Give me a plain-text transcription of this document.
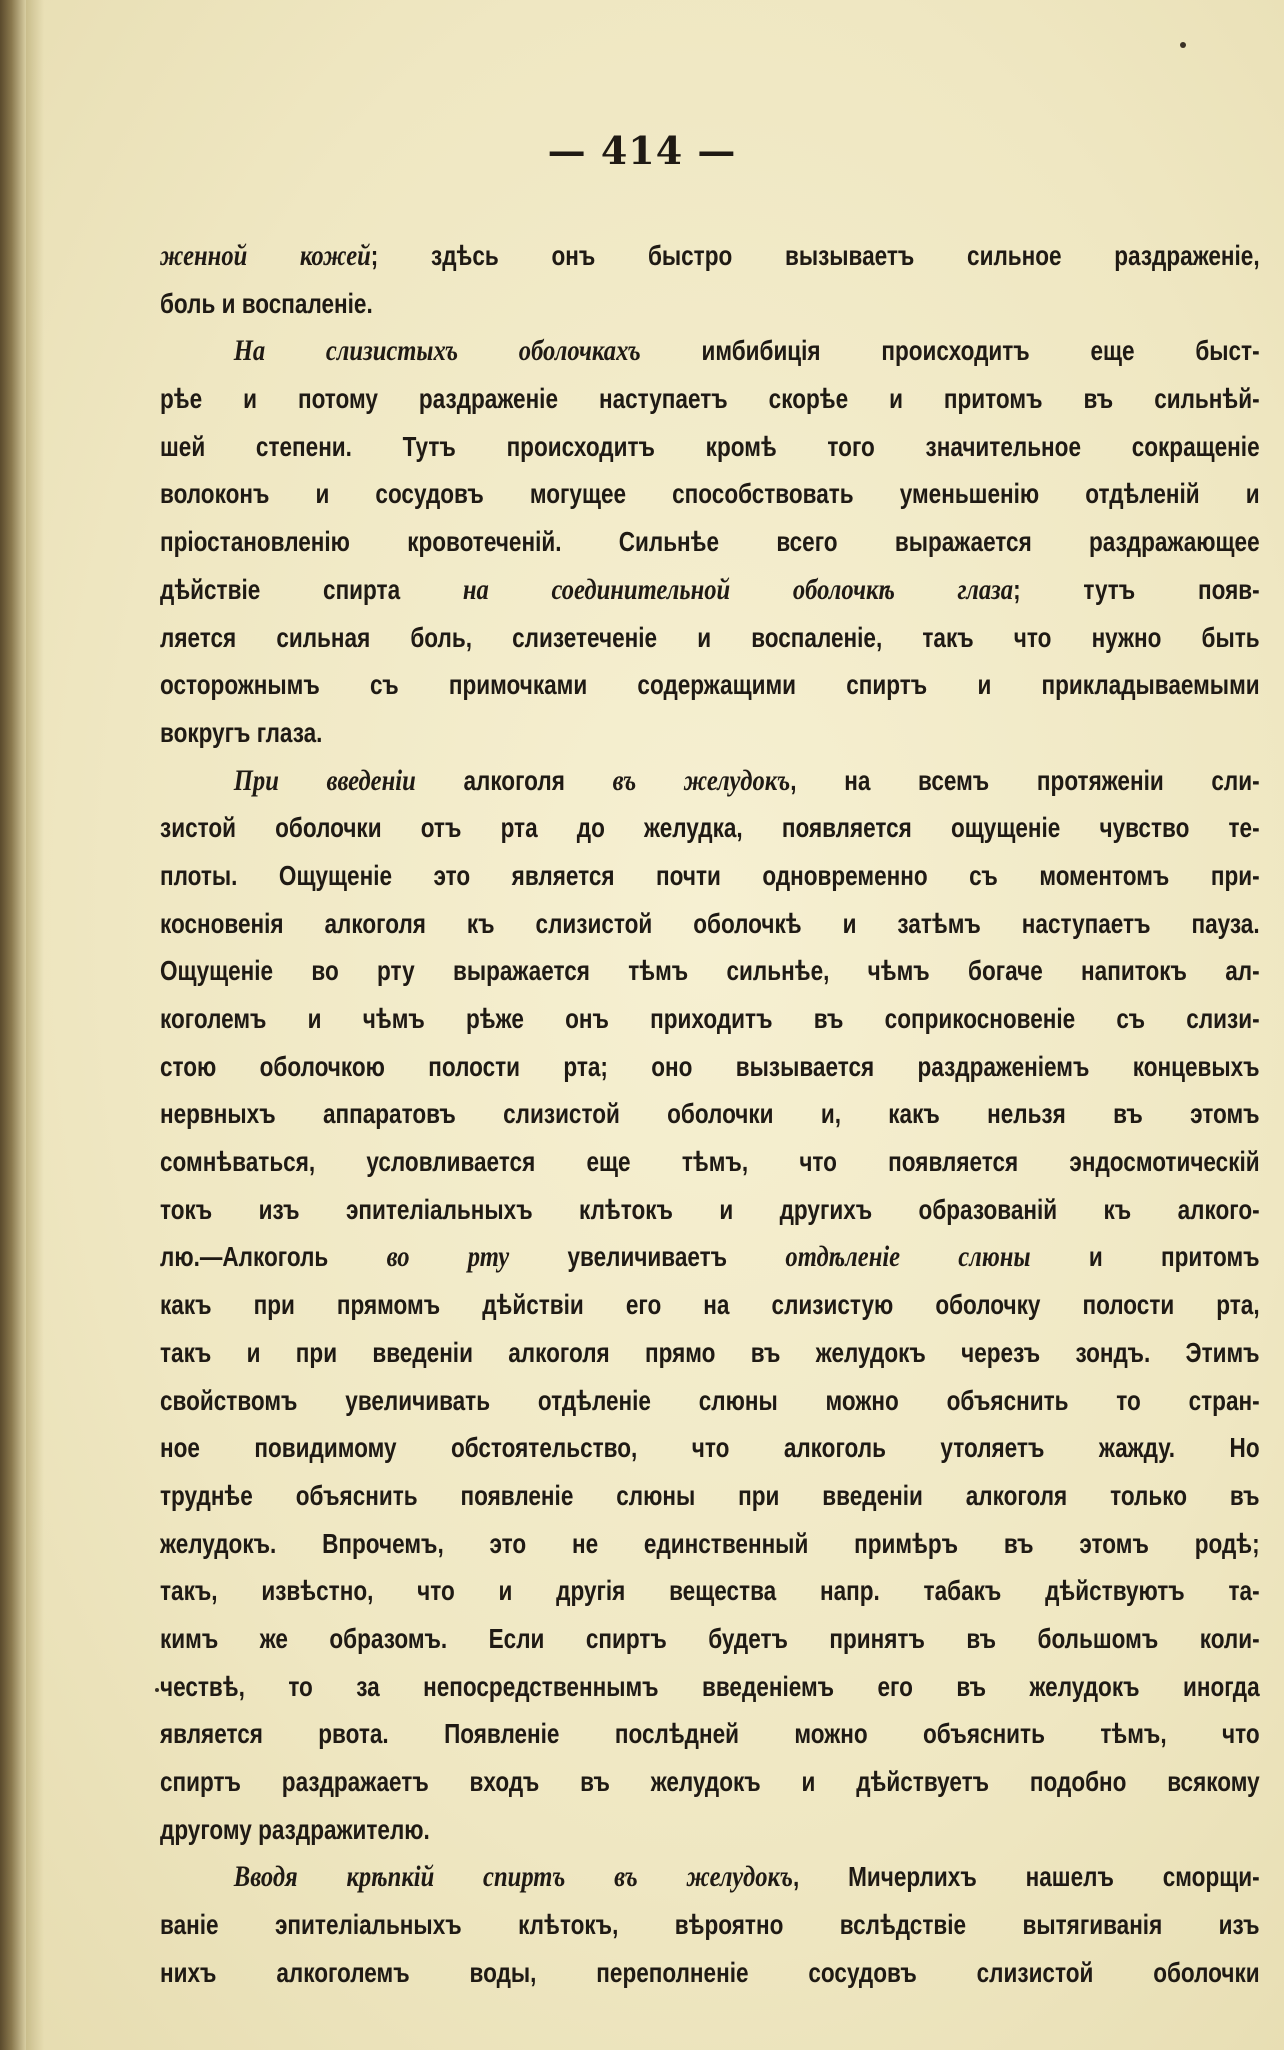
— 414 —
женной кожей; здѣсь онъ быстро вызываетъ сильное раздраженіе,
боль и воспаленіе.
На слизистыхъ оболочкахъ имбибиція происходитъ еще быст-
рѣе и потому раздраженіе наступаетъ скорѣе и притомъ въ сильнѣй-
шей степени. Тутъ происходитъ кромѣ того значительное сокращеніе
волоконъ и сосудовъ могущее способствовать уменьшенію отдѣленій и
пріостановленію кровотеченій. Сильнѣе всего выражается раздражающее
дѣйствіе спирта на соединительной оболочкѣ глаза; тутъ появ-
ляется сильная боль, слизетеченіе и воспаленіе, такъ что нужно быть
осторожнымъ съ примочками содержащими спиртъ и прикладываемыми
вокругъ глаза.
При введеніи алкоголя въ желудокъ, на всемъ протяженіи сли-
зистой оболочки отъ рта до желудка, появляется ощущеніе чувство те-
плоты. Ощущеніе это является почти одновременно съ моментомъ при-
косновенія алкоголя къ слизистой оболочкѣ и затѣмъ наступаетъ пауза.
Ощущеніе во рту выражается тѣмъ сильнѣе, чѣмъ богаче напитокъ ал-
коголемъ и чѣмъ рѣже онъ приходитъ въ соприкосновеніе съ слизи-
стою оболочкою полости рта; оно вызывается раздраженіемъ концевыхъ
нервныхъ аппаратовъ слизистой оболочки и, какъ нельзя въ этомъ
сомнѣваться, условливается еще тѣмъ, что появляется эндосмотическій
токъ изъ эпителіальныхъ клѣтокъ и другихъ образованій къ алкого-
лю.—Алкоголь во рту увеличиваетъ отдѣленіе слюны и притомъ
какъ при прямомъ дѣйствіи его на слизистую оболочку полости рта,
такъ и при введеніи алкоголя прямо въ желудокъ черезъ зондъ. Этимъ
свойствомъ увеличивать отдѣленіе слюны можно объяснить то стран-
ное повидимому обстоятельство, что алкоголь утоляетъ жажду. Но
труднѣе объяснить появленіе слюны при введеніи алкоголя только въ
желудокъ. Впрочемъ, это не единственный примѣръ въ этомъ родѣ;
такъ, извѣстно, что и другія вещества напр. табакъ дѣйствуютъ та-
кимъ же образомъ. Если спиртъ будетъ принятъ въ большомъ коли-
чествѣ, то за непосредственнымъ введеніемъ его въ желудокъ иногда
является рвота. Появленіе послѣдней можно объяснить тѣмъ, что
спиртъ раздражаетъ входъ въ желудокъ и дѣйствуетъ подобно всякому
другому раздражителю.
Вводя крѣпкій спиртъ въ желудокъ, Мичерлихъ нашелъ сморщи-
ваніе эпителіальныхъ клѣтокъ, вѣроятно вслѣдствіе вытягиванія изъ
нихъ алкоголемъ воды, переполненіе сосудовъ слизистой оболочки
